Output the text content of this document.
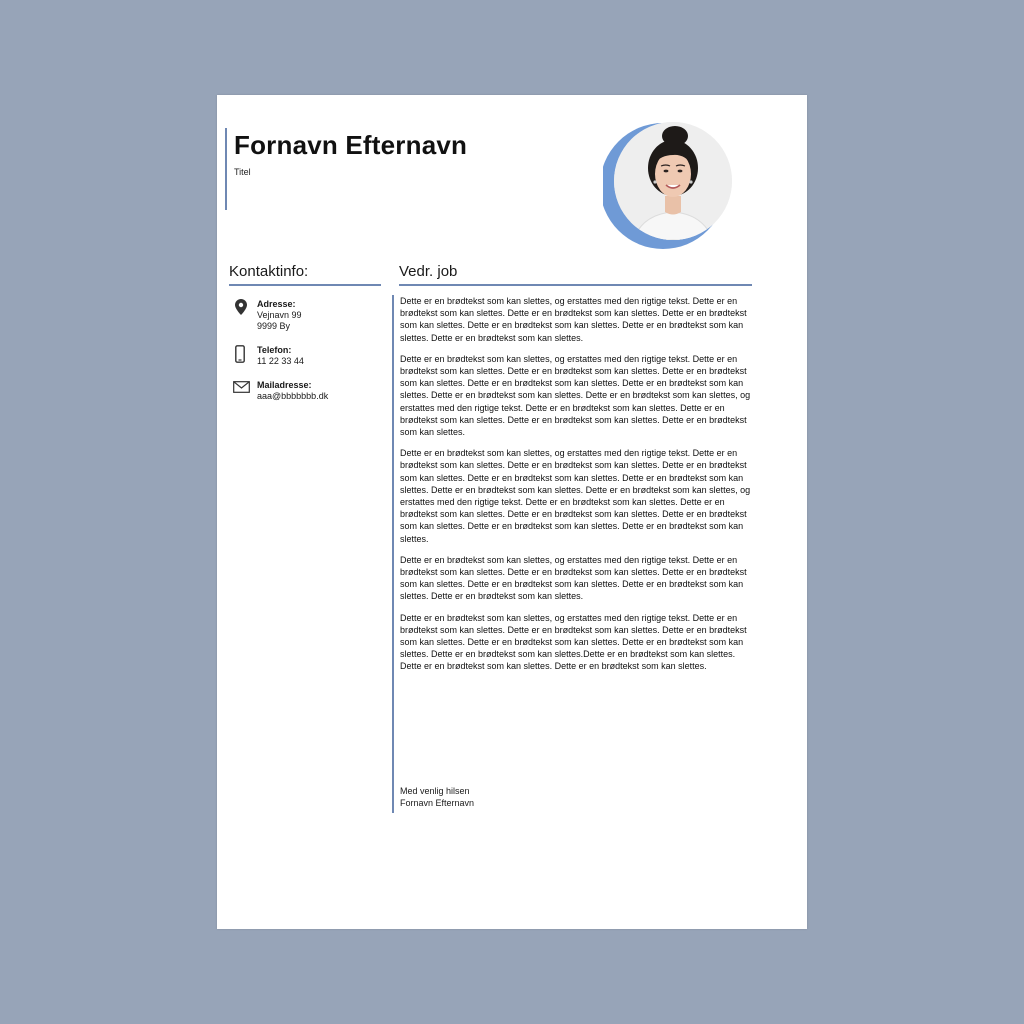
Fornavn Efternavn
Titel
Kontaktinfo:
Adresse:
Vejnavn 99
9999 By
Telefon:
11 22 33 44
Mailadresse:
aaa@bbbbbbb.dk
Vedr. job

Dette er en brødtekst som kan slettes, og erstattes med den rigtige tekst. Dette er en brødtekst som kan slettes. Dette er en brødtekst som kan slettes. Dette er en brødtekst som kan slettes. Dette er en brødtekst som kan slettes. Dette er en brødtekst som kan slettes. Dette er en brødtekst som kan slettes.

Dette er en brødtekst som kan slettes, og erstattes med den rigtige tekst. Dette er en brødtekst som kan slettes. Dette er en brødtekst som kan slettes. Dette er en brødtekst som kan slettes. Dette er en brødtekst som kan slettes. Dette er en brødtekst som kan slettes. Dette er en brødtekst som kan slettes. Dette er en brødtekst som kan slettes, og erstattes med den rigtige tekst. Dette er en brødtekst som kan slettes. Dette er en brødtekst som kan slettes. Dette er en brødtekst som kan slettes. Dette er en brødtekst som kan slettes.

Dette er en brødtekst som kan slettes, og erstattes med den rigtige tekst. Dette er en brødtekst som kan slettes. Dette er en brødtekst som kan slettes. Dette er en brødtekst som kan slettes. Dette er en brødtekst som kan slettes. Dette er en brødtekst som kan slettes. Dette er en brødtekst som kan slettes. Dette er en brødtekst som kan slettes, og erstattes med den rigtige tekst. Dette er en brødtekst som kan slettes. Dette er en brødtekst som kan slettes. Dette er en brødtekst som kan slettes. Dette er en brødtekst som kan slettes. Dette er en brødtekst som kan slettes. Dette er en brødtekst som kan slettes.

Dette er en brødtekst som kan slettes, og erstattes med den rigtige tekst. Dette er en brødtekst som kan slettes. Dette er en brødtekst som kan slettes. Dette er en brødtekst som kan slettes. Dette er en brødtekst som kan slettes. Dette er en brødtekst som kan slettes. Dette er en brødtekst som kan slettes.

Dette er en brødtekst som kan slettes, og erstattes med den rigtige tekst. Dette er en brødtekst som kan slettes. Dette er en brødtekst som kan slettes. Dette er en brødtekst som kan slettes. Dette er en brødtekst som kan slettes. Dette er en brødtekst som kan slettes. Dette er en brødtekst som kan slettes.Dette er en brødtekst som kan slettes. Dette er en brødtekst som kan slettes. Dette er en brødtekst som kan slettes.

Med venlig hilsen
Fornavn Efternavn
